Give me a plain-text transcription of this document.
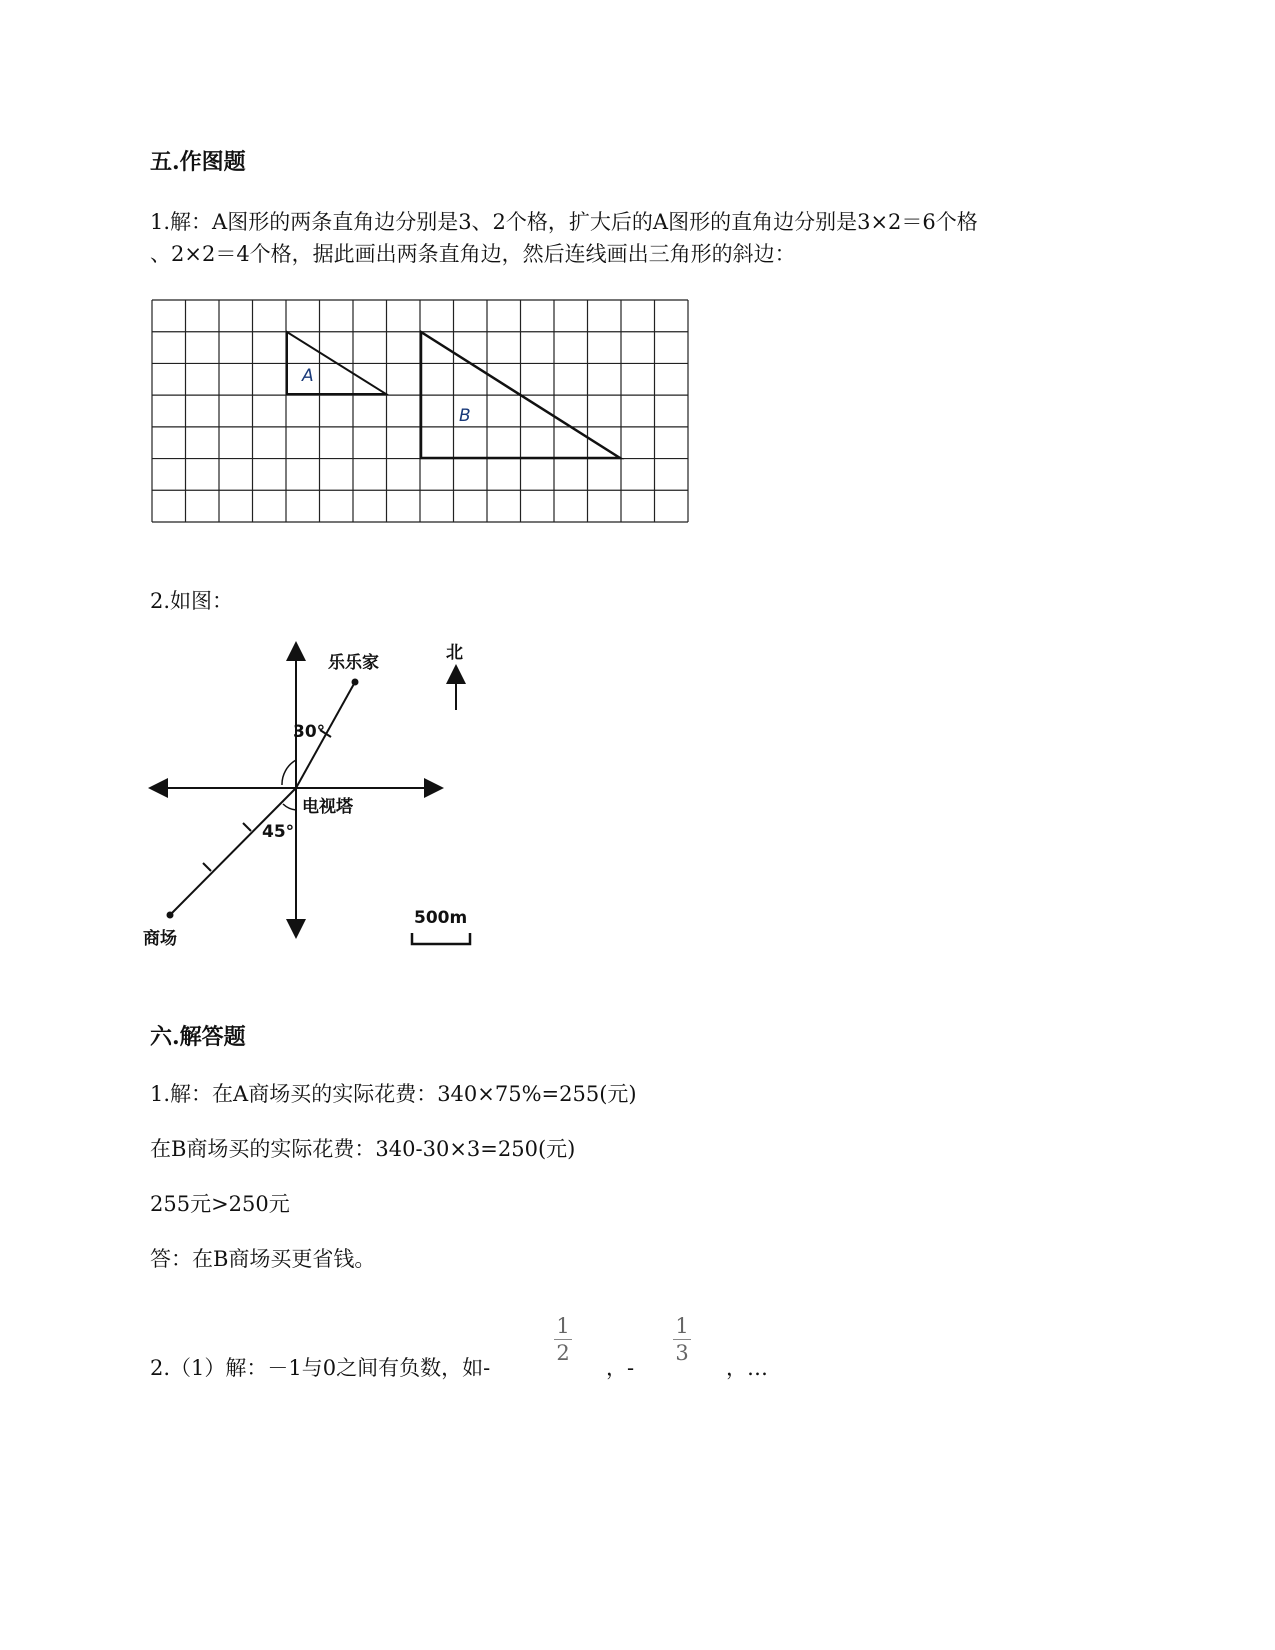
五.作图题
1.解：A图形的两条直角边分别是3、2个格，扩大后的A图形的直角边分别是3×2＝6个格
、2×2＝4个格，据此画出两条直角边，然后连线画出三角形的斜边：
A
B
2.如图：
30°
45°
乐乐家
电视塔
商场
北
500m
六.解答题
1.解：在A商场买的实际花费：340×75%=255(元)
在B商场买的实际花费：340-30×3=250(元)
255元>250元
答：在B商场买更省钱。
2.（1）解：－1与0之间有负数，如-
1
2
，-
1
3
，…
